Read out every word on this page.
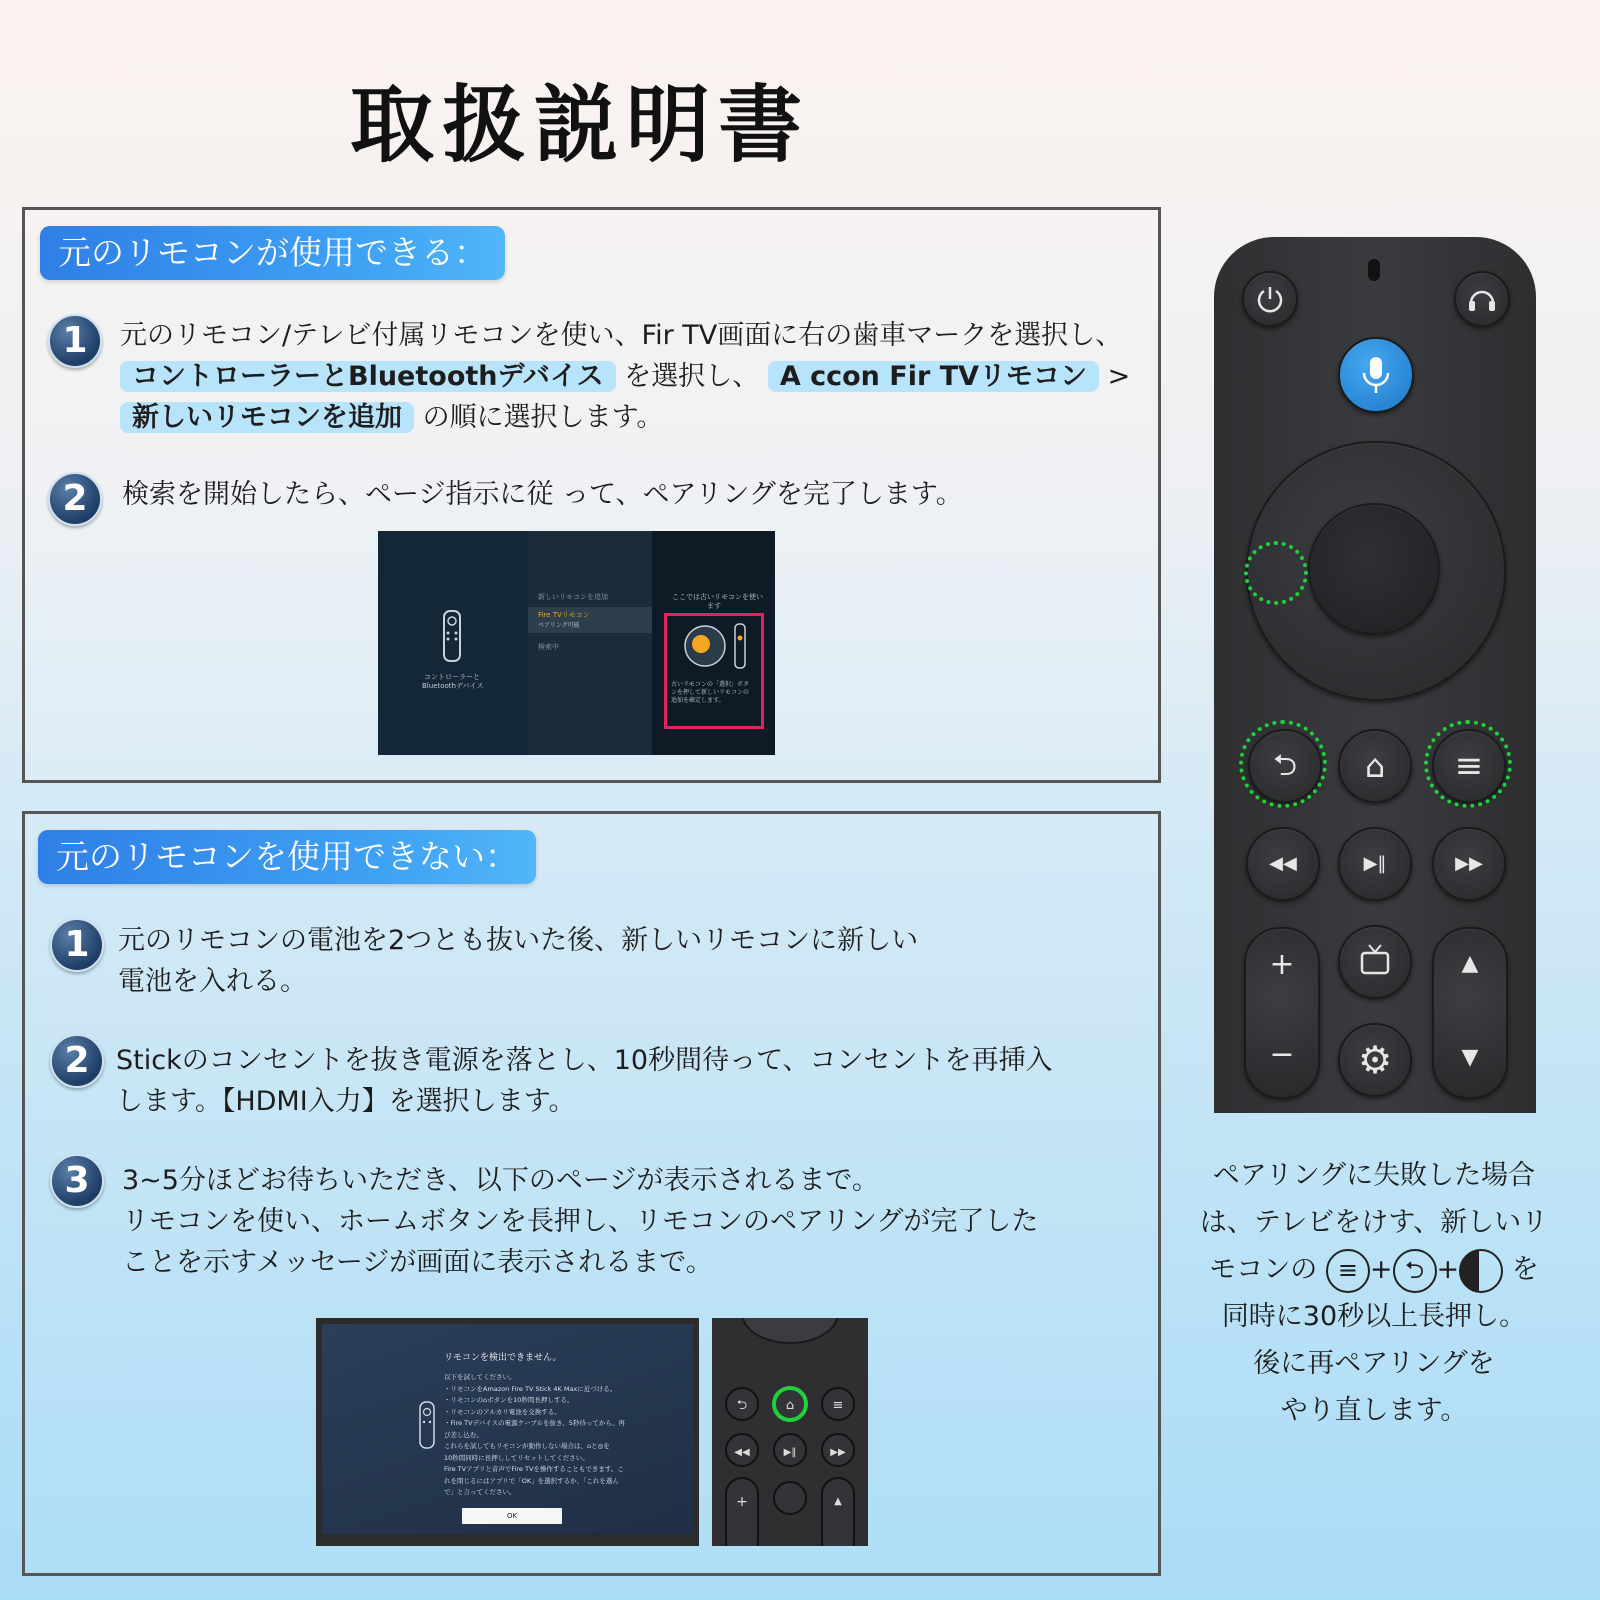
取扱説明書
元のリモコンが使用できる：
1	元のリモコン/テレビ付属リモコンを使い、Fir TV画面に右の歯車マークを選択し、
コントローラーとBluetoothデバイス を選択し、 A ccon Fir TVリモコン >
新しいリモコンを追加 の順に選択します。
2	検索を開始したら、ページ指示に従 って、ペアリングを完了します。
コントローラーと
Bluetoothデバイス
新しいリモコンを追加
Fire TVリモコン
ペアリング可能
検索中
ここでは古いリモコンを使い
ます
古いリモコンの「選択」ボタ
ンを押して新しいリモコンの
追加を確定します。
元のリモコンを使用できない：
1	元のリモコンの電池を2つとも抜いた後、新しいリモコンに新しい
電池を入れる。
2 Stickのコンセントを抜き電源を落とし、10秒間待って、コンセントを再挿入
します。【HDMI入力】を選択します。
3	3~5分ほどお待ちいただき、以下のページが表示されるまで。
リモコンを使い、ホームボタンを長押し、リモコンのペアリングが完了した
ことを示すメッセージが画面に表示されるまで。
リモコンを検出できません。
以下を試してください。
・リモコンをAmazon Fire TV Stick 4K Maxに近づける。
・リモコンの⌂ボタンを10秒間長押しする。
・リモコンのアルカリ電池を交換する。
・Fire TVデバイスの電源ケーブルを抜き、5秒待ってから、再
び差し込む。
これらを試してもリモコンが動作しない場合は、⌂と◎を
10秒間同時に長押ししてリセットしてください。
Fire TVアプリと音声でFire TVを操作することもできます。こ
れを閉じるにはアプリで「OK」を選択するか、「これを選ん
で」と言ってください。
OK
⮌	⌂	≡
◀◀	▶‖	▶▶
+	▲
⮌	⌂	≡
◀◀	▶‖	▶▶
+
−
▲
▼
⚙
ペアリングに失敗した場合
は、テレビをけす、新しいリ
モコンの ≡ + ⮌ + を
同時に30秒以上長押し。
後に再ペアリングを
やり直します。
